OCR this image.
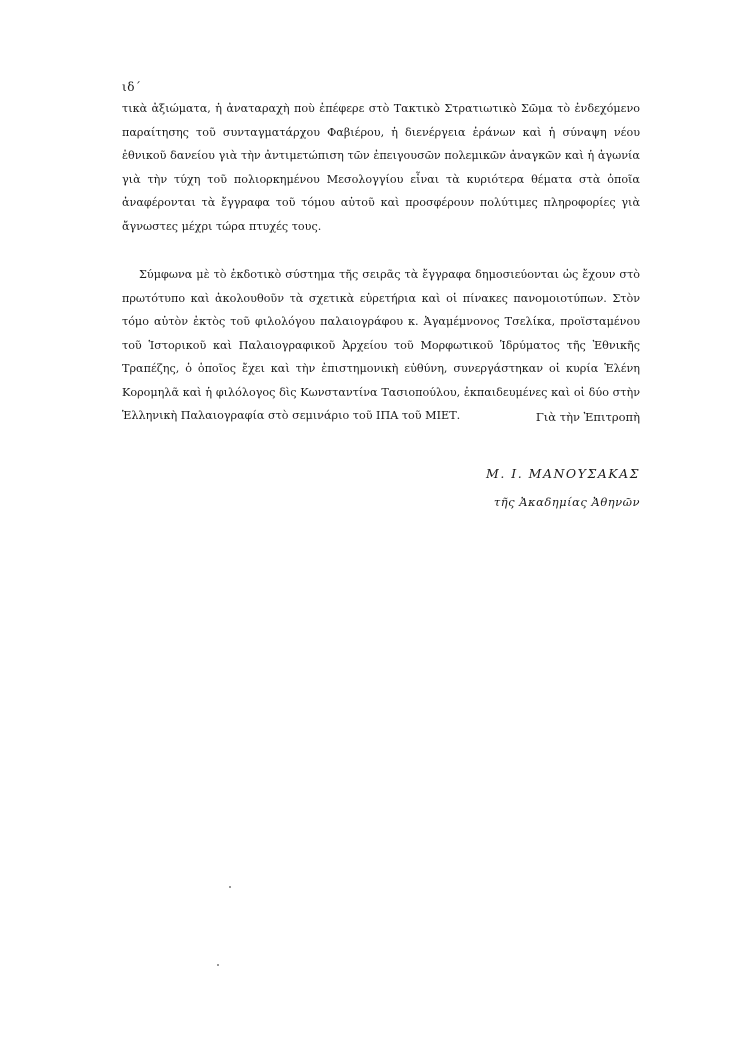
ιδ΄

τικὰ ἀξιώματα, ἡ ἀναταραχὴ ποὺ ἐπέφερε στὸ Τακτικὸ Στρατιωτικὸ Σῶμα τὸ ἐνδεχόμενο παραίτησης τοῦ συνταγματάρχου Φαβιέρου, ἡ διενέργεια ἐράνων καὶ ἡ σύναψη νέου ἐθνικοῦ δανείου γιὰ τὴν ἀντιμετώπιση τῶν ἐπειγουσῶν πολεμικῶν ἀναγκῶν καὶ ἡ ἀγωνία γιὰ τὴν τύχη τοῦ πολιορκημένου Μεσολογγίου εἶναι τὰ κυριότερα θέματα στὰ ὁποῖα ἀναφέρονται τὰ ἔγγραφα τοῦ τόμου αὐτοῦ καὶ προσφέρουν πολύτιμες πληροφορίες γιὰ ἄγνωστες μέχρι τώρα πτυχές τους.

Σύμφωνα μὲ τὸ ἐκδοτικὸ σύστημα τῆς σειρᾶς τὰ ἔγγραφα δημοσιεύονται ὡς ἔχουν στὸ πρωτότυπο καὶ ἀκολουθοῦν τὰ σχετικὰ εὑρετήρια καὶ οἱ πίνακες πανομοιοτύπων. Στὸν τόμο αὐτὸν ἐκτὸς τοῦ φιλολόγου παλαιογράφου κ. Ἀγαμέμνονος Τσελίκα, προϊσταμένου τοῦ Ἱστορικοῦ καὶ Παλαιογραφικοῦ Ἀρχείου τοῦ Μορφωτικοῦ Ἱδρύματος τῆς Ἐθνικῆς Τραπέζης, ὁ ὁποῖος ἔχει καὶ τὴν ἐπιστημονικὴ εὐθύνη, συνεργάστηκαν οἱ κυρία Ἑλένη Κορομηλᾶ καὶ ἡ φιλόλογος δὶς Κωνσταντίνα Τασιοπούλου, ἐκπαιδευμένες καὶ οἱ δύο στὴν Ἑλληνικὴ Παλαιογραφία στὸ σεμινάριο τοῦ ΙΠΑ τοῦ ΜΙΕΤ.	Γιὰ τὴν Ἐπιτροπὴ
Μ. Ι. ΜΑΝΟΥΣΑΚΑΣ
τῆς Ἀκαδημίας Ἀθηνῶν
